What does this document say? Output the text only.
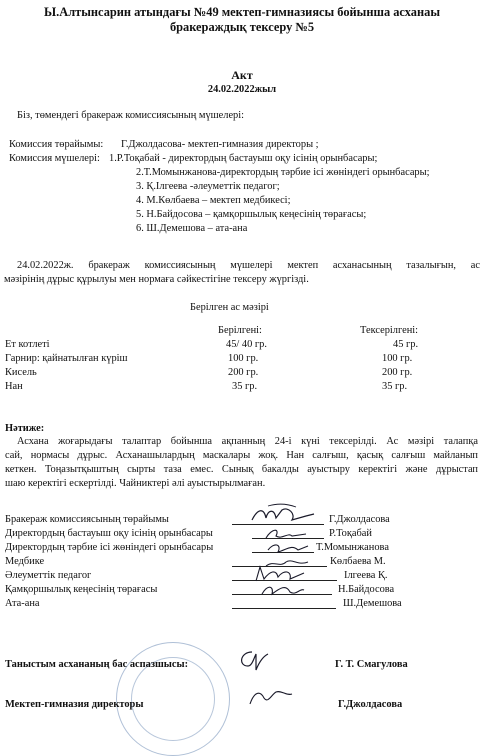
Ы.Алтынсарин атындағы №49 мектеп-гимназиясы бойынша асханаы
бракераждық тексеру №5
Акт
24.02.2022жыл
Біз, төмендегі бракераж комиссиясының мүшелері:
Комиссия төрайымы: Г.Джолдасова- мектеп-гимназия директоры ;
Комиссия мүшелері: 1.Р.Тоқабай - директордың бастауыш оқу ісінің орынбасары;
2.Т.Момынжанова-директордың тәрбие ісі жөніндегі орынбасары;
3. Қ.Ілгеева -әлеуметтік педагог;
4. М.Көлбаева – мектеп медбикесі;
5. Н.Байдосова – қамқоршылық кеңесінің төрағасы;
6. Ш.Демешова – ата-ана
24.02.2022ж. бракераж комиссиясының мүшелері мектеп асханасының тазалығын, ас
мәзірінің дұрыс құрылуы мен нормаға сәйкестігіне тексеру жүргізді.
Берілген ас мәзірі
Берілгені:	Тексерілгені:
Ет котлеті	45/ 40 гр.	45 гр.
Гарнир: қайнатылған күріш	100 гр.	100 гр.
Кисель	200 гр.	200 гр.
Нан	35 гр.	35 гр.
Нәтиже:
Асхана жоғарыдағы талаптар бойынша ақпанның 24-і күні тексерілді. Ас мәзірі талапқа
сай, нормасы дұрыс. Асханашылардың маскалары жоқ. Нан салғыш, қасық салғыш майланып
кеткен. Тоңазытқыштың сырты таза емес. Сынық бакалды ауыстыру керектігі және дұрыстап
шаю керектігі ескертілді. Чайниктері әлі ауыстырылмаған.
Бракераж комиссиясының төрайымы	Г.Джолдасова
Директордың бастауыш оқу ісінің орынбасары	Р.Тоқабай
Директордың тәрбие ісі жөніндегі орынбасары	Т.Момынжанова
Медбике	Көлбаева М.
Әлеуметтік педагог	Ілгеева Қ.
Қамқоршылық кеңесінің төрағасы	Н.Байдосова
Ата-ана	Ш.Демешова
Таныстым асхананың бас аспазшысы:	Г. Т. Смагулова
Мектеп-гимназия директоры	Г.Джолдасова
